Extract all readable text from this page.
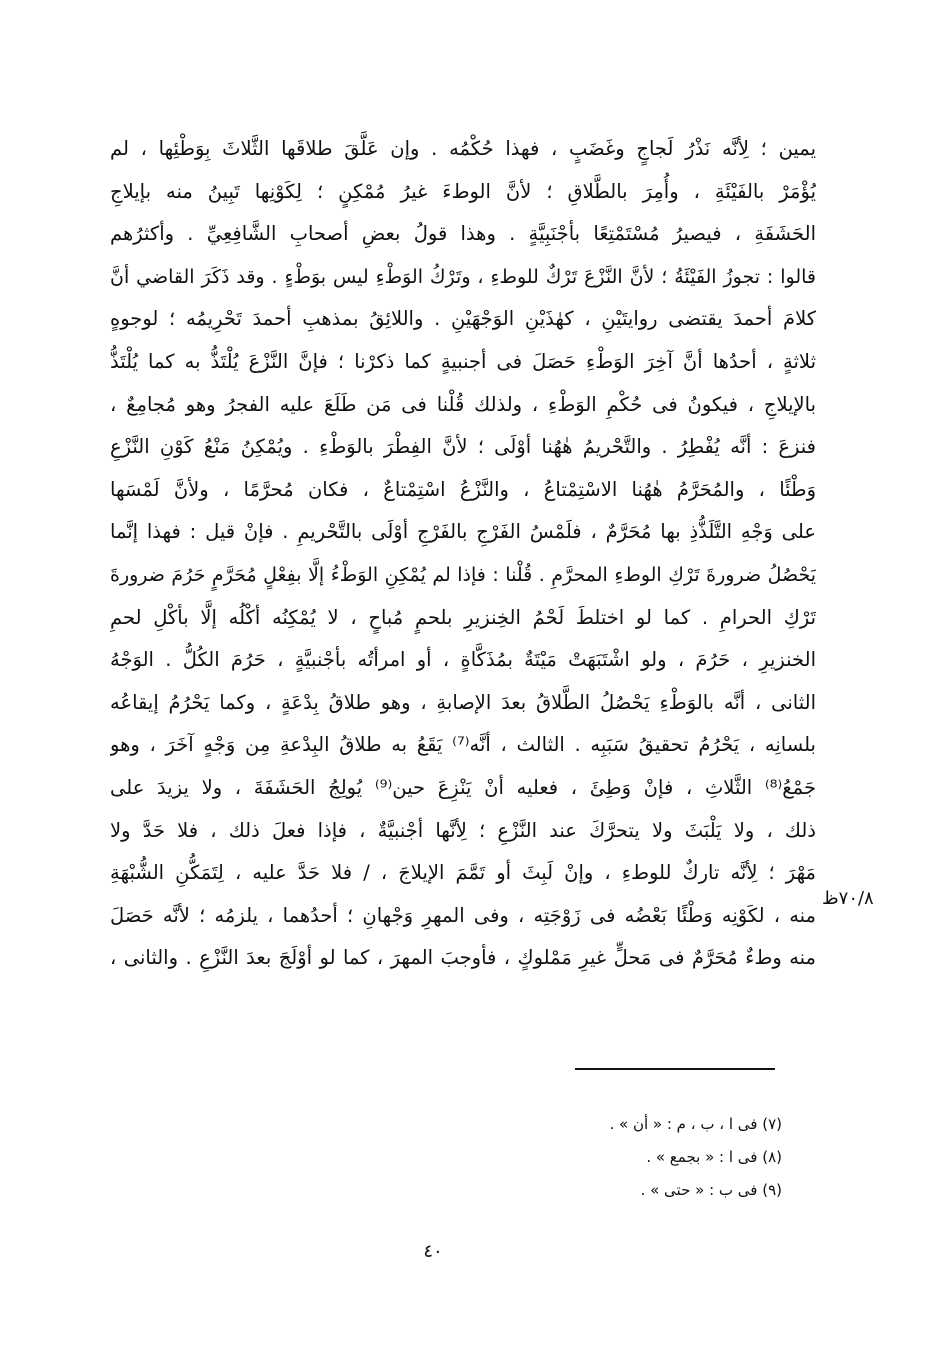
يمين ؛ لِأنَّه نَذْرُ لَجاجٍ وغَضَبٍ ، فهذا حُكْمُه . وإن عَلَّقَ طلاقَها الثَّلاثَ بِوَطْئِها ، لم
يُؤْمَرْ بالفَيْئَةِ ، وأُمِرَ بالطَّلاقِ ؛ لأنَّ الوطءَ غيرُ مُمْكِنٍ ؛ لِكَوْنِها تَبِينُ منه بإيلاجِ
الحَشَفَةِ ، فيصيرُ مُسْتَمْتِعًا بأجْنَبِيَّةٍ . وهذا قولُ بعضِ أصحابِ الشَّافِعِيِّ . وأكثرُهم
قالوا : تجوزُ الفَيْئَةُ ؛ لأنَّ النَّزْعَ تَرْكٌ للوطءِ ، وتَرْكُ الوَطْءِ ليس بوَطْءٍ . وقد ذَكَرَ القاضي أنَّ
كلامَ أحمدَ يقتضى روايتَيْنِ ، كهٰذَيْنِ الوَجْهَيْنِ . واللائِقُ بمذهبِ أحمدَ تَحْرِيمُه ؛ لوجوهٍ
ثلاثةٍ ، أحدُها أنَّ آخِرَ الوَطْءِ حَصَلَ فى أجنبيةٍ كما ذكرْنا ؛ فإنَّ النَّزْعَ يُلْتَذُّ به كما يُلْتَذُّ
بالإيلاجِ ، فيكونُ فى حُكْمِ الوَطْءِ ، ولذلك قُلْنا فى مَن طَلَعَ عليه الفجرُ وهو مُجامِعٌ ،
فنزعَ : أنَّه يُفْطِرُ . والتَّحْريمُ هٰهُنا أوْلَى ؛ لأنَّ الفِطْرَ بالوَطْءِ . ويُمْكِنُ مَنْعُ كَوْنِ النَّزْعِ
وَطْئًا ، والمُحَرَّمُ هٰهُنا الاسْتِمْتاعُ ، والنَّزْعُ اسْتِمْتاعٌ ، فكان مُحرَّمًا ، ولأنَّ لَمْسَها
على وَجْهِ التَّلَذُّذِ بها مُحَرَّمٌ ، فلَمْسُ الفَرْجِ بالفَرْجِ أوْلَى بالتَّحْريمِ . فإنْ قيل : فهذا إنَّما
يَحْصُلُ ضرورةَ تَرْكِ الوطءِ المحرَّمِ . قُلْنا : فإذا لم يُمْكِنِ الوَطْءُ إلَّا بفِعْلٍ مُحَرَّمٍ حَرُمَ ضرورةَ
تَرْكِ الحرامِ . كما لو اختلطَ لَحْمُ الخِنزيرِ بلحمٍ مُباحٍ ، لا يُمْكِنُه أكْلُه إلَّا بأكْلِ لحمِ
الخنزيرِ ، حَرُمَ ، ولو اشْتَبَهَتْ مَيْتَةٌ بمُذَكَّاةٍ ، أو امرأتُه بأجْنبيَّةٍ ، حَرُمَ الكُلُّ . الوَجْهُ
الثانى ، أنَّه بالوَطْءِ يَحْصُلُ الطَّلاقُ بعدَ الإصابةِ ، وهو طلاقُ بِدْعَةٍ ، وكما يَحْرُمُ إيقاعُه
بلسانِه ، يَحْرُمُ تحقيقُ سَبَبِه . الثالث ، أنَّه⁽⁷⁾ يَقَعُ به طلاقُ البِدْعةِ مِن وَجْهٍ آخَرَ ، وهو
جَمْعُ⁽⁸⁾ الثَّلاثِ ، فإنْ وَطِئَ ، فعليه أنْ يَنْزِعَ حين⁽⁹⁾ يُولِجُ الحَشَفَةَ ، ولا يزيدَ على
ذلك ، ولا يَلْبَثَ ولا يتحرَّكَ عند النَّزْعِ ؛ لِأنَّها أجْنبيَّةٌ ، فإذا فعلَ ذلك ، فلا حَدَّ ولا
مَهْرَ ؛ لِأنَّه تاركٌ للوطءِ ، وإنْ لَبِثَ أو تَمَّمَ الإيلاجَ ، / فلا حَدَّ عليه ، لِتَمَكُّنِ الشُّبْهَةِ
منه ، لكَوْنِه وَطْئًا بَعْضُه فى زَوْجَتِه ، وفى المهرِ وَجْهانِ ؛ أحدُهما ، يلزمُه ؛ لأنَّه حَصَلَ
منه وطءٌ مُحَرَّمٌ فى مَحلٍّ غيرِ مَمْلوكٍ ، فأوجبَ المهرَ ، كما لو أوْلَجَ بعدَ النَّزْعِ . والثانى ،
٧٠/٨ظ
(٧) فى ا ، ب ، م : « أن » .
(٨) فى ا : « بجمع » .
(٩) فى ب : « حتى » .
٤٠
